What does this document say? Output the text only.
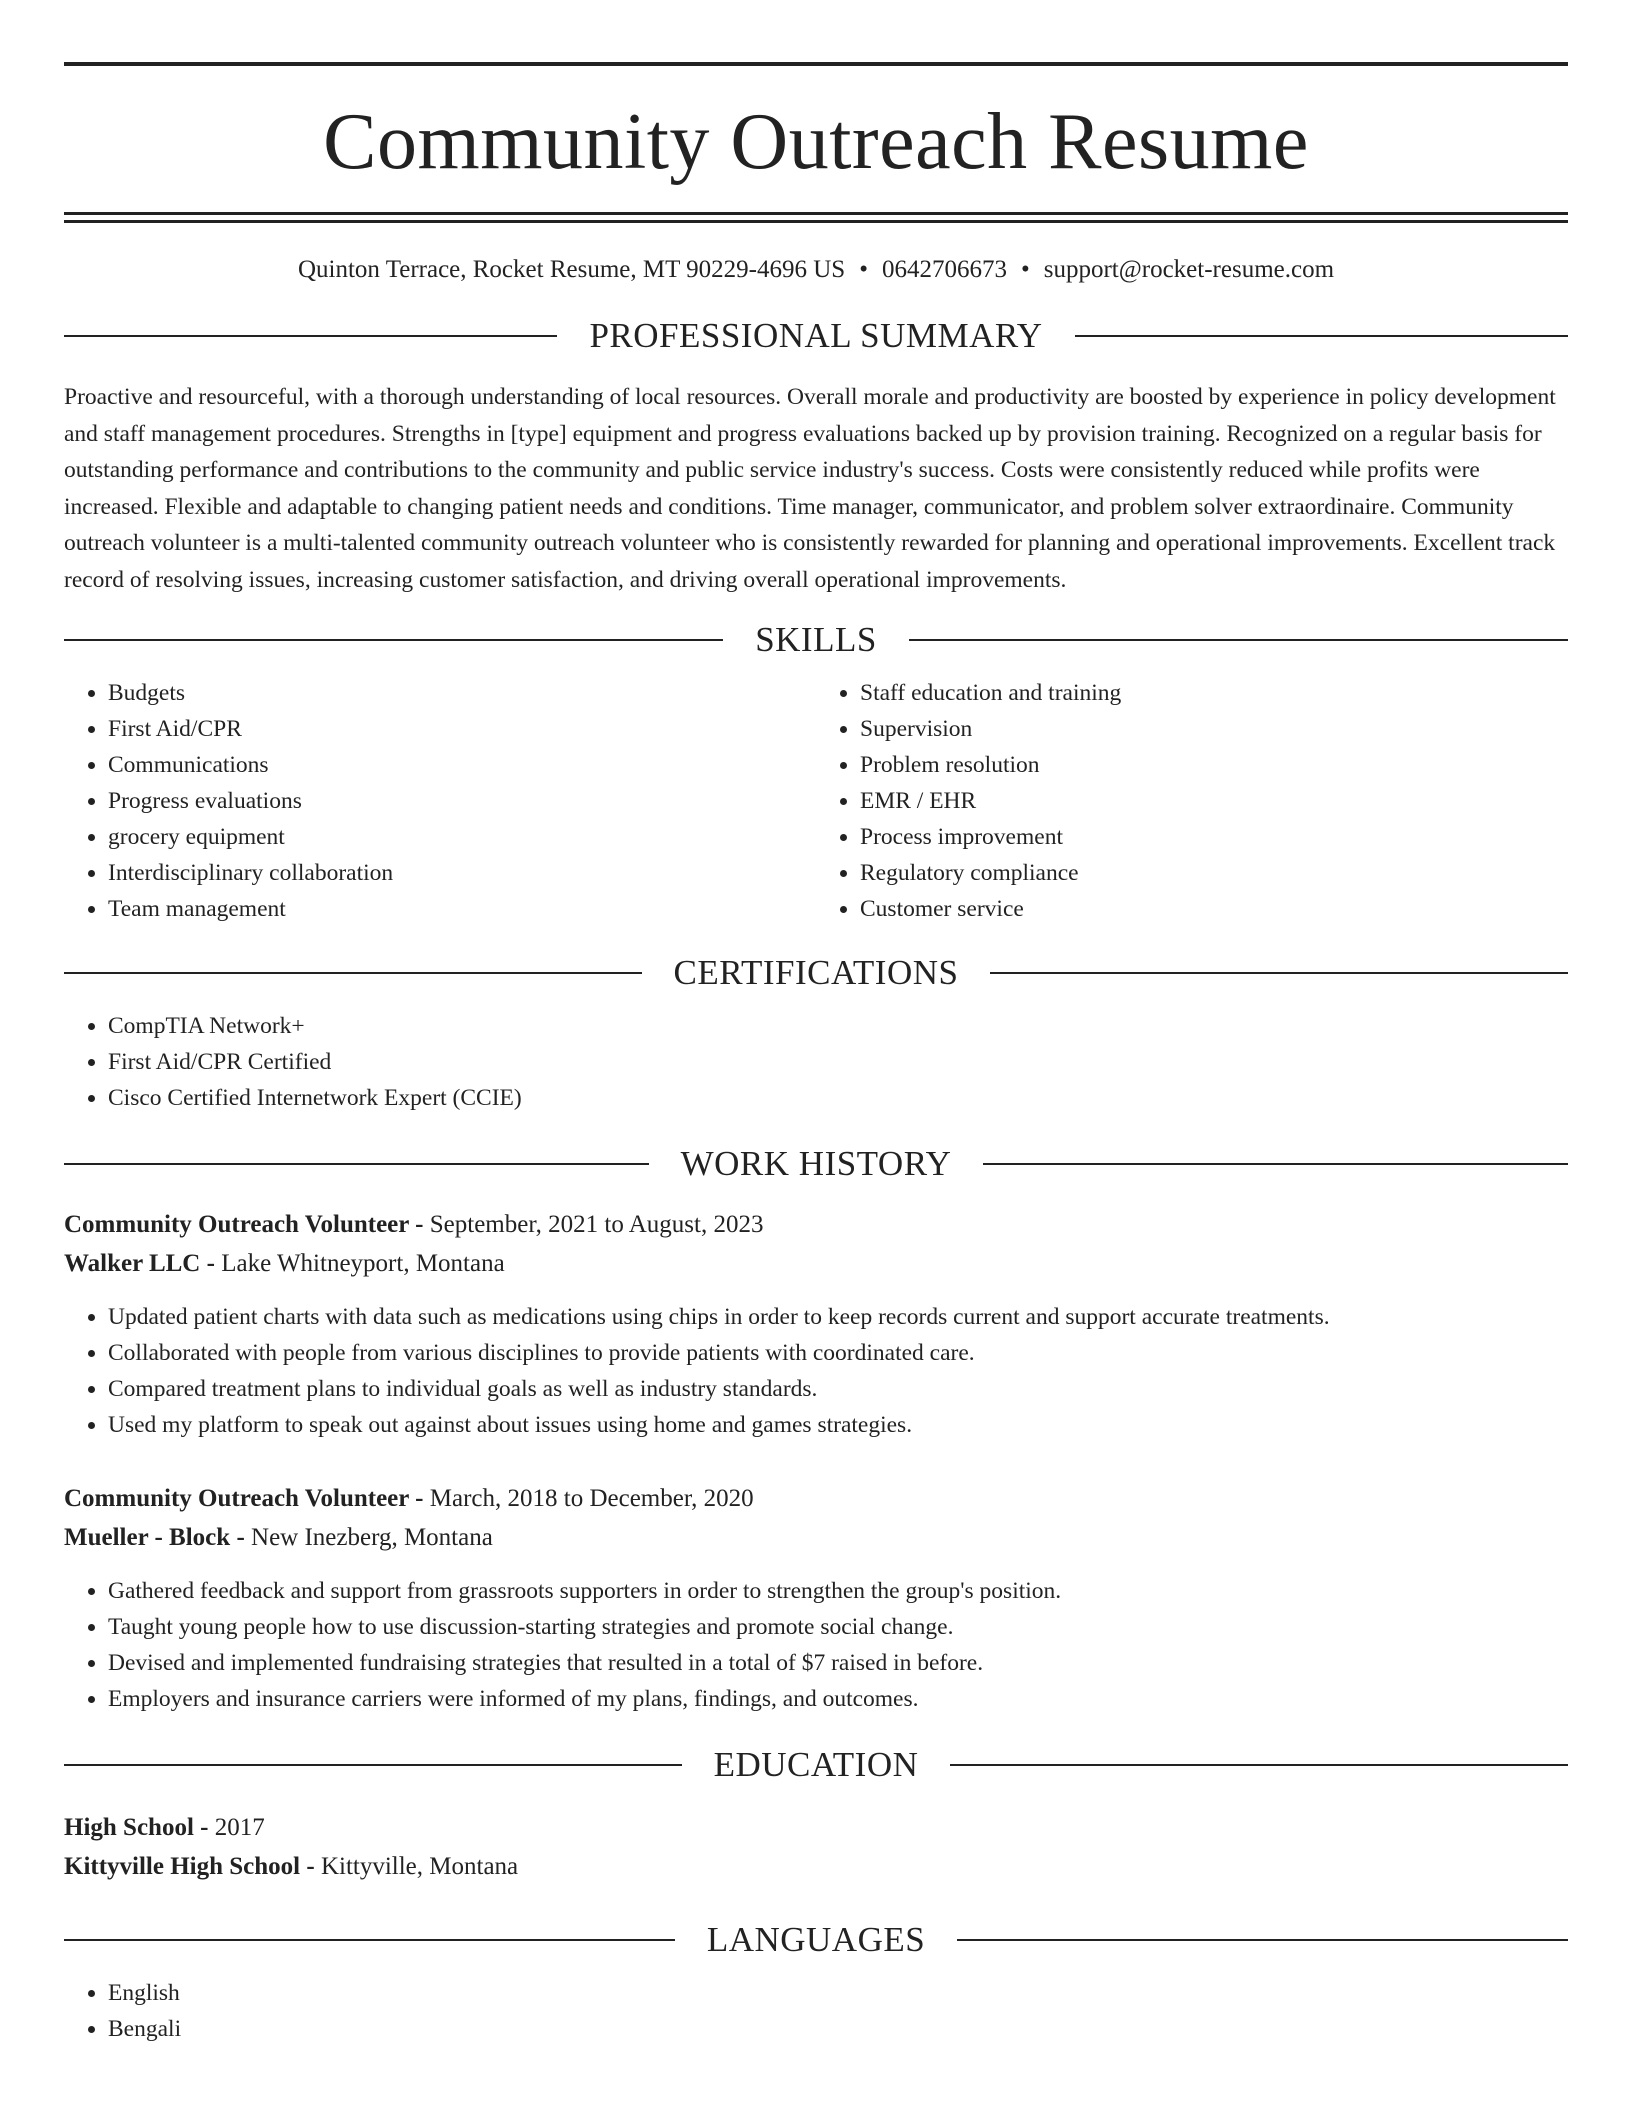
Community Outreach Resume
Quinton Terrace, Rocket Resume, MT 90229-4696 US • 0642706673 • support@rocket-resume.com
PROFESSIONAL SUMMARY
Proactive and resourceful, with a thorough understanding of local resources. Overall morale and productivity are boosted by experience in policy development and staff management procedures. Strengths in [type] equipment and progress evaluations backed up by provision training. Recognized on a regular basis for outstanding performance and contributions to the community and public service industry's success. Costs were consistently reduced while profits were increased. Flexible and adaptable to changing patient needs and conditions. Time manager, communicator, and problem solver extraordinaire. Community outreach volunteer is a multi-talented community outreach volunteer who is consistently rewarded for planning and operational improvements. Excellent track record of resolving issues, increasing customer satisfaction, and driving overall operational improvements.
SKILLS
• Budgets
• First Aid/CPR
• Communications
• Progress evaluations
• grocery equipment
• Interdisciplinary collaboration
• Team management
• Staff education and training
• Supervision
• Problem resolution
• EMR / EHR
• Process improvement
• Regulatory compliance
• Customer service
CERTIFICATIONS
• CompTIA Network+
• First Aid/CPR Certified
• Cisco Certified Internetwork Expert (CCIE)
WORK HISTORY
Community Outreach Volunteer - September, 2021 to August, 2023
Walker LLC - Lake Whitneyport, Montana
• Updated patient charts with data such as medications using chips in order to keep records current and support accurate treatments.
• Collaborated with people from various disciplines to provide patients with coordinated care.
• Compared treatment plans to individual goals as well as industry standards.
• Used my platform to speak out against about issues using home and games strategies.
Community Outreach Volunteer - March, 2018 to December, 2020
Mueller - Block - New Inezberg, Montana
• Gathered feedback and support from grassroots supporters in order to strengthen the group's position.
• Taught young people how to use discussion-starting strategies and promote social change.
• Devised and implemented fundraising strategies that resulted in a total of $7 raised in before.
• Employers and insurance carriers were informed of my plans, findings, and outcomes.
EDUCATION
High School - 2017
Kittyville High School - Kittyville, Montana
LANGUAGES
• English
• Bengali
